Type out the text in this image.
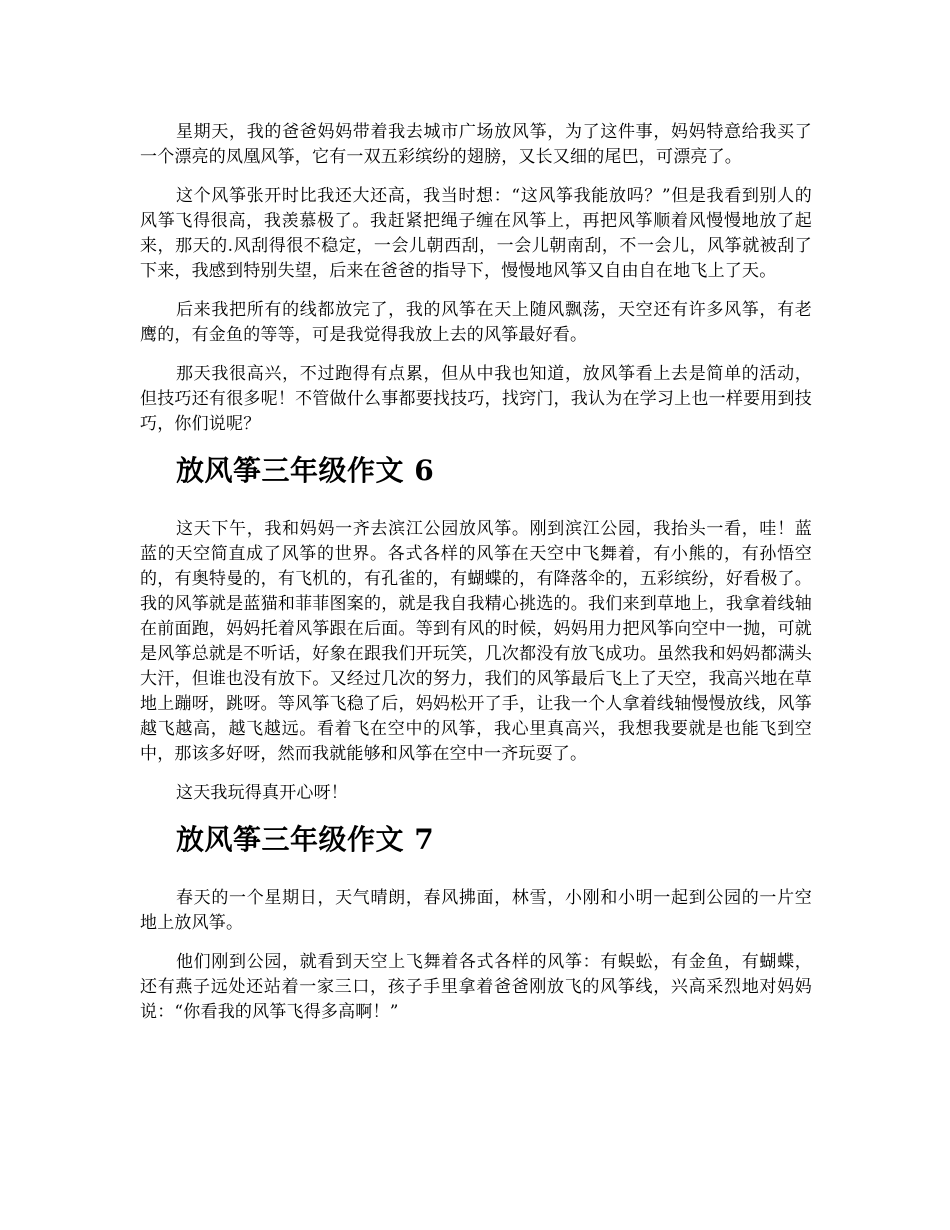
星期天，我的爸爸妈妈带着我去城市广场放风筝，为了这件事，妈妈特意给我买了一个漂亮的凤凰风筝，它有一双五彩缤纷的翅膀，又长又细的尾巴，可漂亮了。

这个风筝张开时比我还大还高，我当时想：“这风筝我能放吗？”但是我看到别人的风筝飞得很高，我羡慕极了。我赶紧把绳子缠在风筝上，再把风筝顺着风慢慢地放了起来，那天的.风刮得很不稳定，一会儿朝西刮，一会儿朝南刮，不一会儿，风筝就被刮了下来，我感到特别失望，后来在爸爸的指导下，慢慢地风筝又自由自在地飞上了天。

后来我把所有的线都放完了，我的风筝在天上随风飘荡，天空还有许多风筝，有老鹰的，有金鱼的等等，可是我觉得我放上去的风筝最好看。

那天我很高兴，不过跑得有点累，但从中我也知道，放风筝看上去是简单的活动，但技巧还有很多呢！不管做什么事都要找技巧，找窍门，我认为在学习上也一样要用到技巧，你们说呢？

放风筝三年级作文 6

这天下午，我和妈妈一齐去滨江公园放风筝。刚到滨江公园，我抬头一看，哇！蓝蓝的天空简直成了风筝的世界。各式各样的风筝在天空中飞舞着，有小熊的，有孙悟空的，有奥特曼的，有飞机的，有孔雀的，有蝴蝶的，有降落伞的，五彩缤纷，好看极了。我的风筝就是蓝猫和菲菲图案的，就是我自我精心挑选的。我们来到草地上，我拿着线轴在前面跑，妈妈托着风筝跟在后面。等到有风的时候，妈妈用力把风筝向空中一抛，可就是风筝总就是不听话，好象在跟我们开玩笑，几次都没有放飞成功。虽然我和妈妈都满头大汗，但谁也没有放下。又经过几次的努力，我们的风筝最后飞上了天空，我高兴地在草地上蹦呀，跳呀。等风筝飞稳了后，妈妈松开了手，让我一个人拿着线轴慢慢放线，风筝越飞越高，越飞越远。看着飞在空中的风筝，我心里真高兴，我想我要就是也能飞到空中，那该多好呀，然而我就能够和风筝在空中一齐玩耍了。

这天我玩得真开心呀！

放风筝三年级作文 7

春天的一个星期日，天气晴朗，春风拂面，林雪，小刚和小明一起到公园的一片空地上放风筝。

他们刚到公园，就看到天空上飞舞着各式各样的风筝：有蜈蚣，有金鱼，有蝴蝶，还有燕子远处还站着一家三口，孩子手里拿着爸爸刚放飞的风筝线，兴高采烈地对妈妈说：“你看我的风筝飞得多高啊！”
